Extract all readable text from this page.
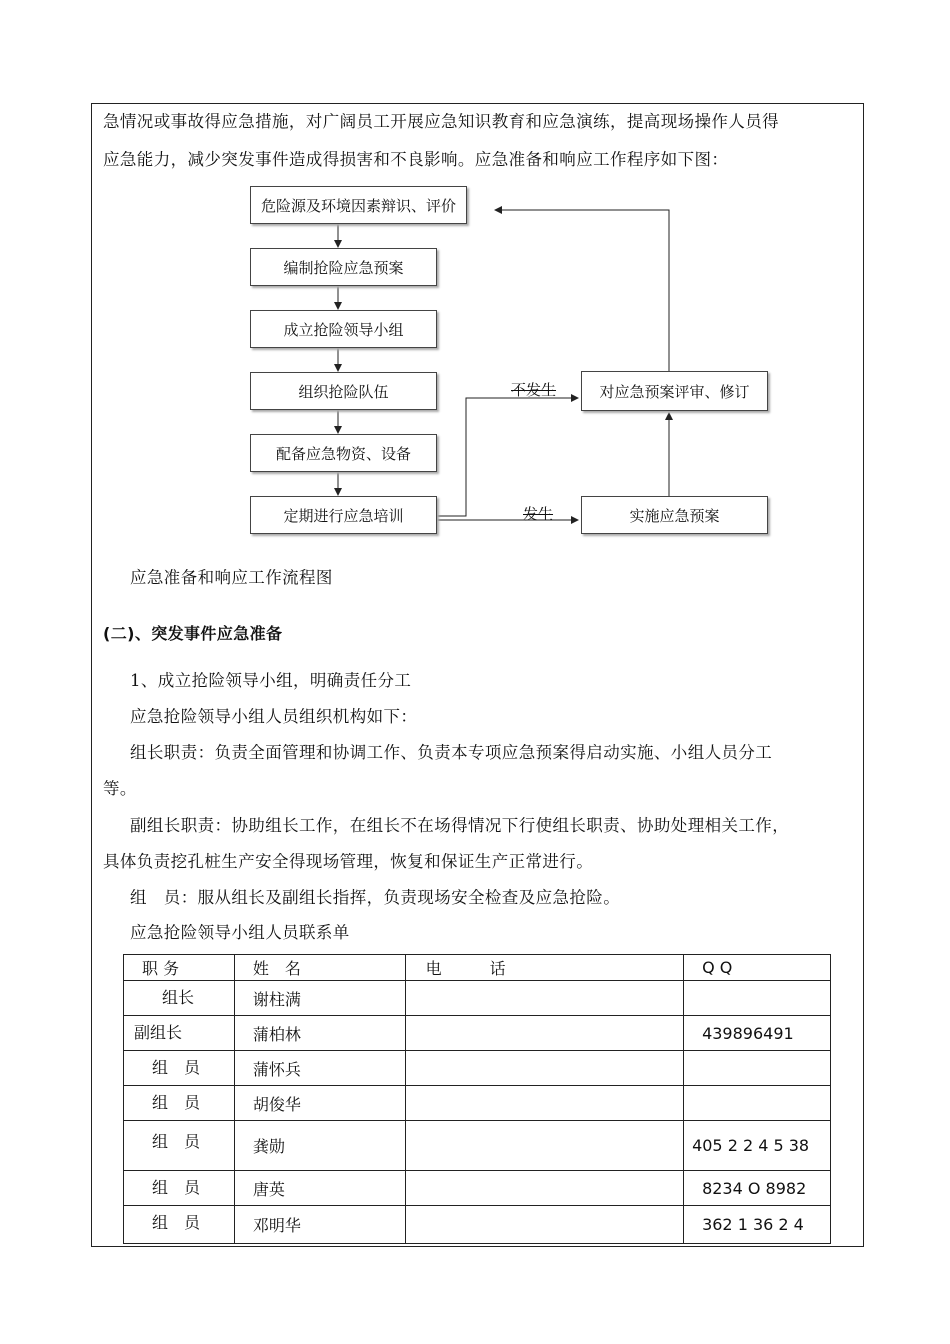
急情况或事故得应急措施，对广阔员工开展应急知识教育和应急演练，提高现场操作人员得
应急能力，减少突发事件造成得损害和不良影响。应急准备和响应工作程序如下图：
危险源及环境因素辩识、评价
编制抢险应急预案
成立抢险领导小组
组织抢险队伍
配备应急物资、设备
定期进行应急培训
对应急预案评审、修订
实施应急预案
不发生
发生
应急准备和响应工作流程图
(二)、突发事件应急准备
1、成立抢险领导小组，明确责任分工
应急抢险领导小组人员组织机构如下：
组长职责：负责全面管理和协调工作、负责本专项应急预案得启动实施、小组人员分工
等。
副组长职责：协助组长工作，在组长不在场得情况下行使组长职责、协助处理相关工作，
具体负责挖孔桩生产安全得现场管理，恢复和保证生产正常进行。
组　员：服从组长及副组长指挥，负责现场安全检查及应急抢险。
应急抢险领导小组人员联系单
职 务	姓　名	电　　　话	Q Q
组长	谢柱满		
副组长	蒲柏林		439896491
组　员	蒲怀兵		
组　员	胡俊华		
组　员	龚勋		405 2 2 4 5 38
组　员	唐英		8234 O 8982
组　员	邓明华		362 1 36 2 4
